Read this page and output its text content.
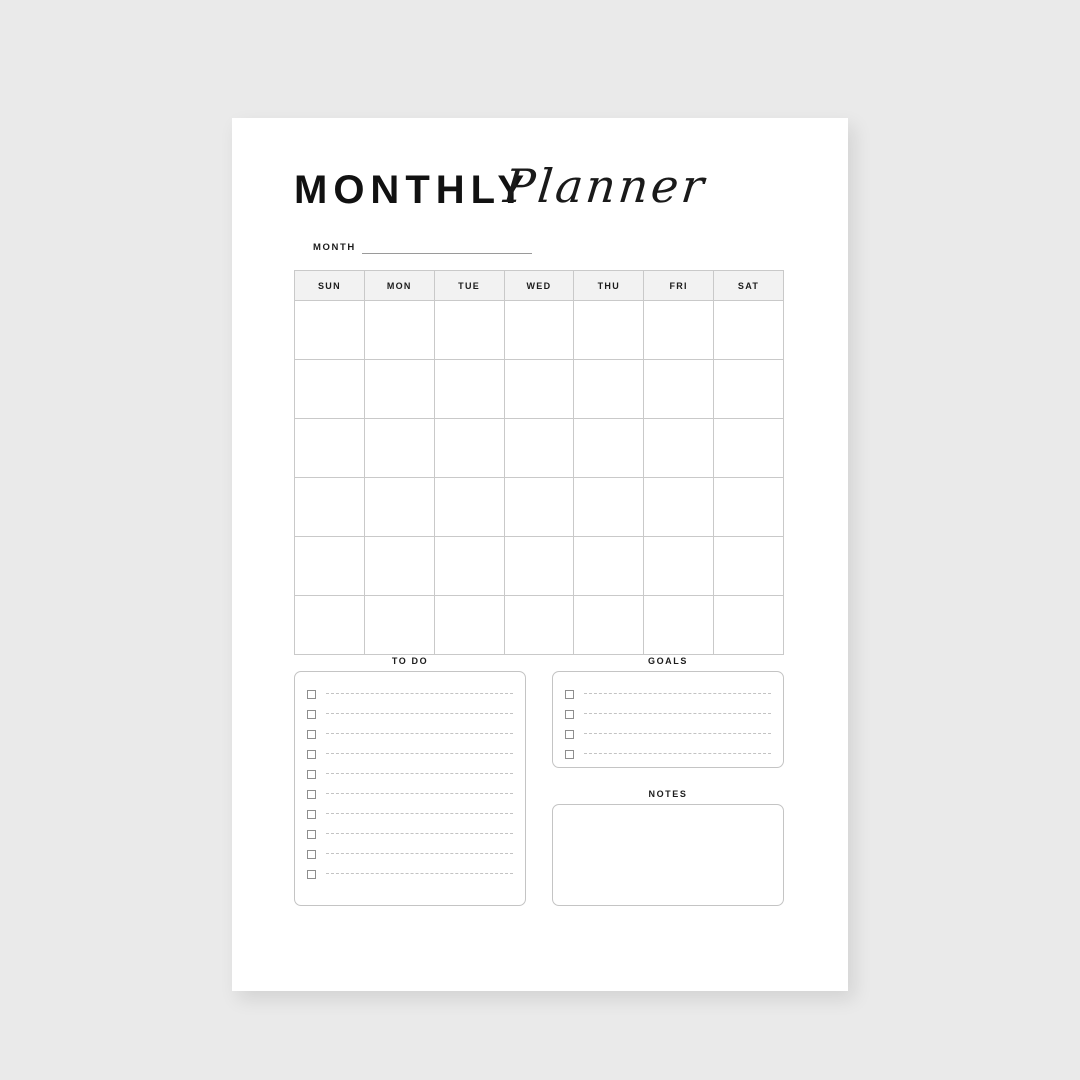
MONTHLY
Planner
MONTH
SUN	MON	TUE	WED	THU	FRI	SAT

TO DO	GOALS
NOTES
